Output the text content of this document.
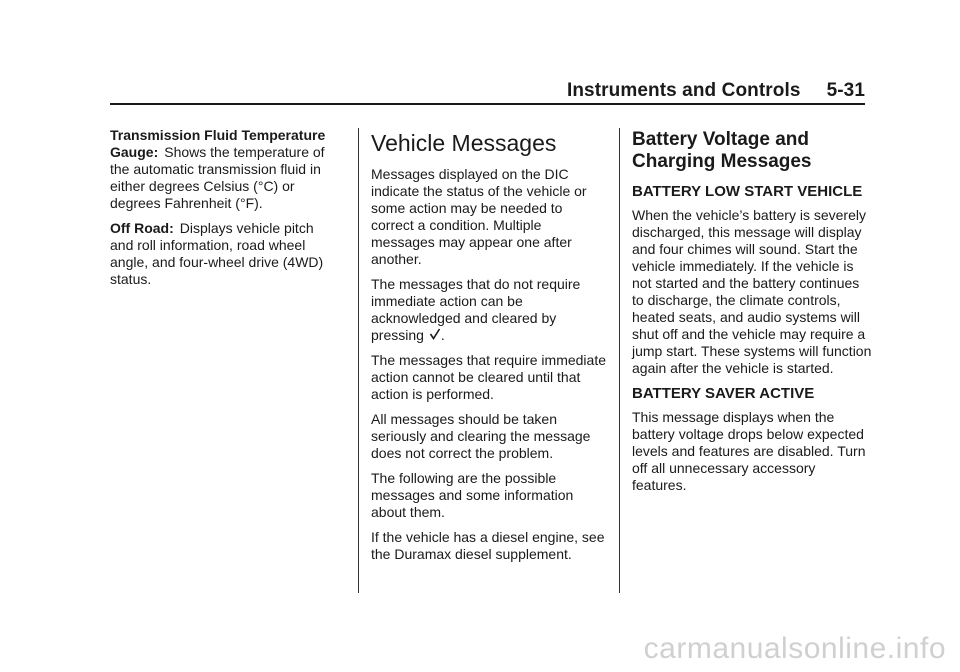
Instruments and Controls 5-31

Transmission Fluid Temperature Gauge: Shows the temperature of the automatic transmission fluid in either degrees Celsius (°C) or degrees Fahrenheit (°F).

Off Road: Displays vehicle pitch and roll information, road wheel angle, and four-wheel drive (4WD) status.

Vehicle Messages

Messages displayed on the DIC indicate the status of the vehicle or some action may be needed to correct a condition. Multiple messages may appear one after another.

The messages that do not require immediate action can be acknowledged and cleared by pressing .

The messages that require immediate action cannot be cleared until that action is performed.

All messages should be taken seriously and clearing the message does not correct the problem.

The following are the possible messages and some information about them.

If the vehicle has a diesel engine, see the Duramax diesel supplement.

Battery Voltage and Charging Messages
BATTERY LOW START VEHICLE

When the vehicle’s battery is severely discharged, this message will display and four chimes will sound. Start the vehicle immediately. If the vehicle is not started and the battery continues to discharge, the climate controls, heated seats, and audio systems will shut off and the vehicle may require a jump start. These systems will function again after the vehicle is started.

BATTERY SAVER ACTIVE

This message displays when the battery voltage drops below expected levels and features are disabled. Turn off all unnecessary accessory features.

carmanualsonline.info
